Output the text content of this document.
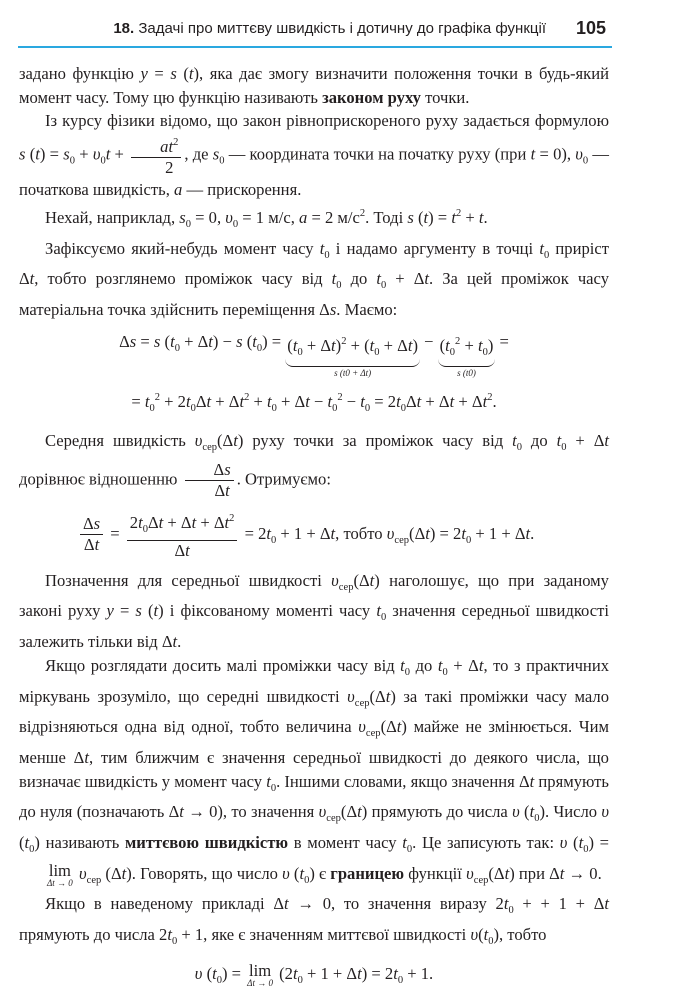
18. Задачі про миттєву швидкість і дотичну до графіка функції 105

задано функцію y = s (t), яка дає змогу визначити положення точки в будь-який момент часу. Тому цю функцію називають законом руху точки.

Із курсу фізики відомо, що закон рівноприскореного руху задається формулою s $(t) = s_0 + \upsilon_0t + \frac{at^2}{2}$ , де $s_0$ — координата точки на початку руху (при t = 0), $\upsilon_0$ — початкова швидкість, a — прискорення.

Нехай, наприклад, $s_0 = 0$, $\upsilon_0 = 1$ м/с, a = 2 $м/с^2$. Тоді s $(t) = t^2 + t$.

Зафіксуємо який-небудь момент часу $t_0$ і надамо аргументу в точці $t_0$ приріст Δt, тобто розглянемо проміжок часу від $t_0$ до $t_0 + \Delta t$. За цей проміжок часу матеріальна точка здійснить переміщення Δs. Маємо:

Δs = s $(t_0 + \Delta t) - s$ $(t_0) = (t_0 + \Delta t)^2 + (t_0 + \Delta t)$
s (t0 + Δt)
− $(t_0^2 + t_0)$
s (t0)
=
= $t_0^2 + 2t_0\Delta t + \Delta t^2 + t_0 + \Delta t - t_0^2 - t_0 = 2t_0\Delta t + \Delta t + \Delta t^2$.

Середня швидкість $\upsilon_{сер}(\Delta t)$ руху точки за проміжок часу від $t_0$ до $t_0 + \Delta t$ дорівнює відношенню $\frac{\Delta s}{\Delta t}$ . Отримуємо:

$\frac{\Delta s}{\Delta t} = \frac{2t_0\Delta t + \Delta t + \Delta t^2}{\Delta t} = 2t_0 + 1 + \Delta t$, тобто $\upsilon_{сер}(\Delta t) = 2t_0 + 1 + \Delta t$.

Позначення для середньої швидкості $\upsilon_{сер}(\Delta t)$ наголошує, що при заданому законі руху y = s (t) і фіксованому моменті часу $t_0$ значення середньої швидкості залежить тільки від Δt.

Якщо розглядати досить малі проміжки часу від $t_0$ до $t_0 + \Delta t$, то з практичних міркувань зрозуміло, що середні швидкості $\upsilon_{сер}(\Delta t)$ за такі проміжки часу мало відрізняються одна від одної, тобто величина $\upsilon_{сер}(\Delta t)$ майже не змінюється. Чим менше Δt, тим ближчим є значення середньої швидкості до деякого числа, що визначає швидкість у момент часу $t_0$. Іншими словами, якщо значення Δt прямують до нуля (позначають Δt → 0), то значення $\upsilon_{сер}(\Delta t)$ прямують до числа υ $(t_0)$. Число υ $(t_0)$ називають миттєвою швидкістю в момент часу $t_0$. Це записують так: υ $(t_0)$ =
lim
Δt → 0 $\upsilon_{сер}$ (Δt). Говорять, що число υ $(t_0)$ є границею функції $\upsilon_{сер}(\Delta t)$ при Δt → 0.

Якщо в наведеному прикладі Δt → 0, то значення виразу $2t_0$ + + 1 + Δt прямують до числа $2t_0 + 1$, яке є значенням миттєвої швидкості $\upsilon(t_0)$, тобто

υ $(t_0) = \lim$
Δt → 0 $(2t_0 + 1 + \Delta t) = 2t_0 + 1$.
